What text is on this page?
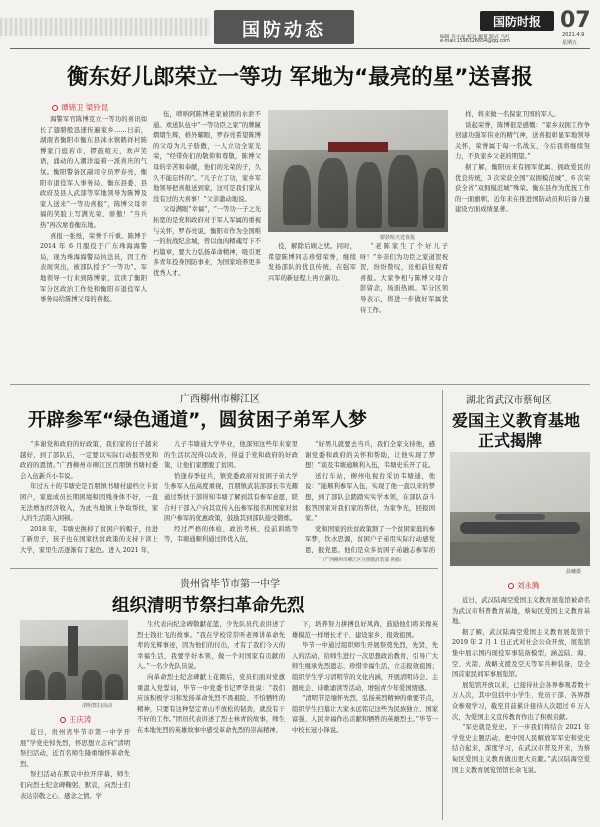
国防动态	国防时报 07
编辑 许小星 校对 谢菁 版式 马红
e-mail:1596326654@qq.com
2021.4.9
星期五
衡东好儿郎荣立一等功 军地为“最亮的星”送喜报
谭锦卫 梁铃昆

海警军官陈博克立一等功的喜讯如长了翅膀般迅速传遍家乡……日前，湖南省衡阳市衡东县洣水镇鹤祥村陈博家门庭若市，锣鼓喧天，欢声笑语，涌动的人潮洋溢着一派喜庆的气氛。衡阳警备区副司令员罗春亮，衡阳市退役军人事务局、衡东县委、县政府及县人武部等军地领导为陈博及家人送来“一等功喜报”，陈博父母幸福的笑脸上写满光荣、骄傲！“当兵热”再次席卷衡东地。

喜报一张纸，荣誉千斤重。陈博于 2014 年 6 月服役于广东珠海海警局，现为珠海海警局执法员，因工作表现突出，被部队授予“一等功”。军地领导一行来到陈博家，宣读了衡阳军分区政治工作处和衡阳市退役军人事务局给陈博父母的喜报。

伍，唢呐阿陈博老家被团的水泄不通。欢送队伍中“一等功臣之家”的牌匾熠熠生辉，格外耀眼，罗春亮希望陈博的父母为儿子骄傲，一人立功全家光荣，“经带你们的敬仰和尊敬，陈博父母的辛苦和奉献，他们的光荣的子，久久不能忘怀的”。“儿子立了功，家乡军地领导把喜报送到家，这可是我们家从没有过的大喜事！”父亲激动地说。

父母满眼“幸福”，“一等功一子之光拓宽的是党和政府对于军人军属的重视与关怀，罗春亮说，衡阳市作为全国唯一的抗战纪念城，曾以血肉精魂写下不朽篇章，要大力弘扬革命精神，吸引更多青年投身国防事业，为国家培养更多优秀人才。

锣鼓喧天送喜报

役，解除后顾之忧。同时，希望陈博同志珍惜荣誉，继续发扬部队的优良传统，在强军兴军的新征程上再立新功。

“老陈家生了个好儿子呀！”乡亲们为功臣之家道贺祝贺，纷纷赞叹，竞相前往观看喜报。大家争相与陈博父母合影留念，场面热闹。军分区领导表示，将进一步做好军属优待工作。

样，将来做一名保家卫国的军人。

谈起荣誉，陈博很是感慨：“家乡双拥工作争创建功强军伟业的精气神，送喜报彰显军地领导关怀，荣誉属于每一名战友，今后我将继续努力，不负家乡父老的期望。”

据了解，衡阳历来有拥军优属、拥政爱民的优良传统，3 次荣获全国“双拥模范城”、6 次荣获全省“双拥模范城”殊荣。衡东县作为优抚工作的一面旗帜，近年来在推进国防动员和后备力量建设方面成绩显著。

广西柳州市柳江区
开辟参军“绿色通道”，圆贫困子弟军人梦

“多谢党和政府的好政策，我们家的日子越来越好，到了部队后，一定要以实际行动报答党和政府的恩情。”广西柳州市柳江区百朋镇书塘村委会入伍新兵小韦说。

年过五十的韦塘史是百朋镇书塘村建档立卡贫困户，家庭成员长期困境和因残身体不好，一直无法增加经济收入，为此当地镇上争取帮扶，家人的生活陷入困顿。

2018 年，韦塘史换掉了贫困户的帽子，住进了新房子，孩子也在国家扶贫政策的支持下读上大学，家里生活逐渐有了起色。进入 2021 年，

儿子韦塘通大学毕业，他深知这些年来家里的生活状况得以改善，得益于党和政府的好政策，让他们家摆脱了贫困。

恰逢春季征兵，镇党委政府对贫困子弟大学生参军入伍高度重视，百朋镇武装部部长韦光耀通过帮扶干部得知韦塘了解到其有参军意愿，联合村干部入户向其宣传入伍参军报名和国家对贫困户参军的优惠政策，鼓励其到部队接受锻炼。

经过严格的体检、政治考核、役前训练等等，韦塘通顺利通过择优入伍，

“好男儿就要去当兵，我们全家支持他，感谢党委和政府的关怀和帮助，让他实现了梦想！”谈及韦塘通顺利入伍，韦塘史乐开了花。

送行车站，柳州电视台采访韦塘通，他说：“能顺利参军入伍，实现了他一直以来的梦想，到了部队会踏踏实实学本领，在部队奋斗报答国家对我们家的帮扶，为家争光，回报国家。”

党和国家的扶贫政策割了一个贫困家庭的参军梦，饮水思源，贫困户子弟用实际行动感党恩，报党恩。他们是众多贫困子弟融志参军的

（广西柳州市柳江区百朋镇武装部 供稿）
湖北省武汉市蔡甸区
爱国主义教育基地
正式揭牌
晨曦摄
刘永腾

近日，武汉陆海空爱国主义教育展览馆被命名为武汉市科普教育基地，蔡甸区爱国主义教育基地。

据了解，武汉陆海空爱国主义教育展览馆于 2019 年 2 月 1 日正式对社会公众开放，展览馆集中展示国内现役军事装备模型，涵盖陆、海、空、火箭、战略支援及空天等军兵种装备，是全国首家民间军事展览馆。

展览馆开放以来，已接待社会各界参观者数十万人次，其中包括中小学生、党员干部、各界群众参观学习，截至目前累计接待人次超过 6 万人次，为爱国主义宣传教育作出了积极贡献。

“军史就是党史。下一步我们将结合 2021 年学党史主题活动，把中国人民解放军军史和党史结合起来，深度学习，在武汉市普及开来，为蔡甸区爱国主义教育做出更大贡献。”武汉陆海空爱国主义教育展览馆馆长余飞说。

贵州省毕节市第一中学
组织清明节祭扫革命先烈
清明祭扫活动
王庆涛

近日，贵州省毕节市第一中学开展“学党史悼先烈，怀思想立志向”清明祭扫活动，近百名师生隆重缅怀革命先烈。

祭扫活动在默哀中拉开序幕，师生们向烈士纪念碑鞠躬、默哀，向烈士们表达崇敬之心、感念之情。学

生代表向纪念碑敬献花篮，少先队员代表讲述了烈士钱壮飞的故事。“我在学校常常听老师讲革命先辈的光辉事迹，因为他们的付出，才有了我们今天的幸福生活，我要学好本领，做一个对国家有贡献的人。”一名少先队员说。

向革命烈士纪念碑献上花圈后，党员们面对党旗重温入党誓词，毕节一中党委书记罗华贵说：“我们应该积极学习和发扬革命先烈不畏艰险、不怕牺牲的精神，只要有这种坚定青山不放松的韧劲，就没有干不好的工作。”团员代表讲述了烈士林青的故事，师生在本地先烈的英雄故事中感受革命先烈的崇高精神。

下，培养努力拼搏良好风尚，鼓励他们将来像英雄模范一样增长才干、建设家乡、报效祖国。

毕节一中通过组织师生开展祭奠先烈，先贤，先人的活动，给师生进行一次思想政治教育，引导广大师生继承先烈遗志、珍惜幸福生活，立志报效祖国；组织学生学习清明节的文化内涵，开展清明诗会、主题班会、诗歌诵读等活动，增强青少年爱国情感。

“清明节是缅怀先烈，弘扬英烈精神的重要节点，组织学生扫墓让大家永远铭记这些为民族独立、国家富强、人民幸福作出贡献和牺牲的英雄烈士。”毕节一中校长冠小锋说。
